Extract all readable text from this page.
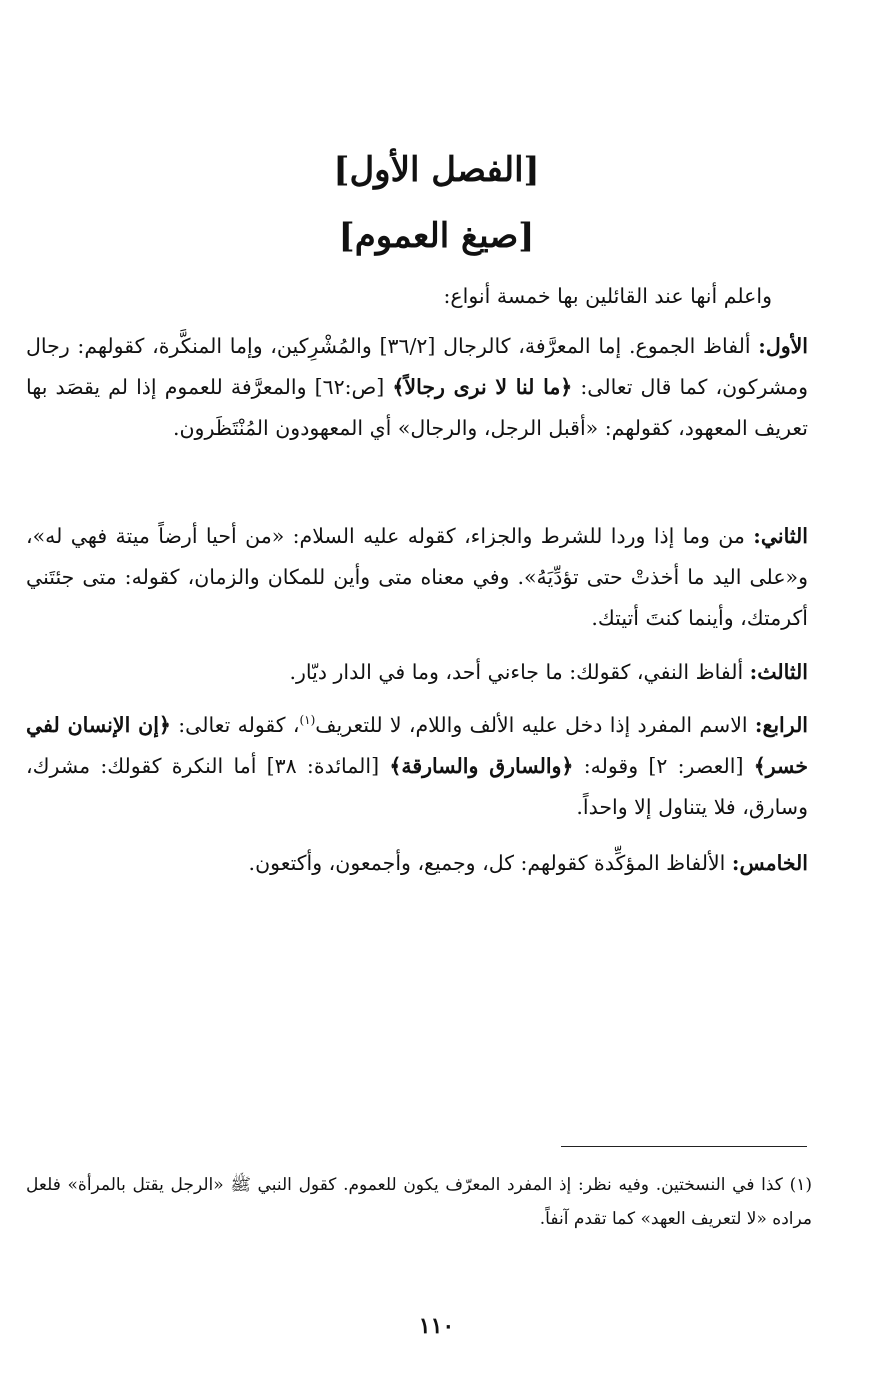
[الفصل الأول]
[صيغ العموم]

واعلم أنها عند القائلين بها خمسة أنواع:

الأول: ألفاظ الجموع. إما المعرَّفة، كالرجال [٣٦/٢] والمُشْرِكين، وإما المنكَّرة، كقولهم: رجال ومشركون، كما قال تعالى: ﴿ما لنا لا نرى رجالاً﴾ [ص:٦٢] والمعرَّفة للعموم إذا لم يقصَد بها تعريف المعهود، كقولهم: «أقبل الرجل، والرجال» أي المعهودون المُنْتَظَرون.

الثاني: من وما إذا وردا للشرط والجزاء، كقوله عليه السلام: «من أحيا أرضاً ميتة فهي له»، و«على اليد ما أخذتْ حتى تؤدِّيَهُ». وفي معناه متى وأين للمكان والزمان، كقوله: متى جئتَني أكرمتك، وأينما كنتَ أتيتك.

الثالث: ألفاظ النفي، كقولك: ما جاءني أحد، وما في الدار ديّار.

الرابع: الاسم المفرد إذا دخل عليه الألف واللام، لا للتعريف$^{(١)}$، كقوله تعالى: ﴿إن الإنسان لفي خسر﴾ [العصر: ٢] وقوله: ﴿والسارق والسارقة﴾ [المائدة: ٣٨] أما النكرة كقولك: مشرك، وسارق، فلا يتناول إلا واحداً.

الخامس: الألفاظ المؤكِّدة كقولهم: كل، وجميع، وأجمعون، وأكتعون.

(١) كذا في النسختين. وفيه نظر: إذ المفرد المعرّف يكون للعموم. كقول النبي ﷺ «الرجل يقتل بالمرأة» فلعل مراده «لا لتعريف العهد» كما تقدم آنفاً.
١١٠
